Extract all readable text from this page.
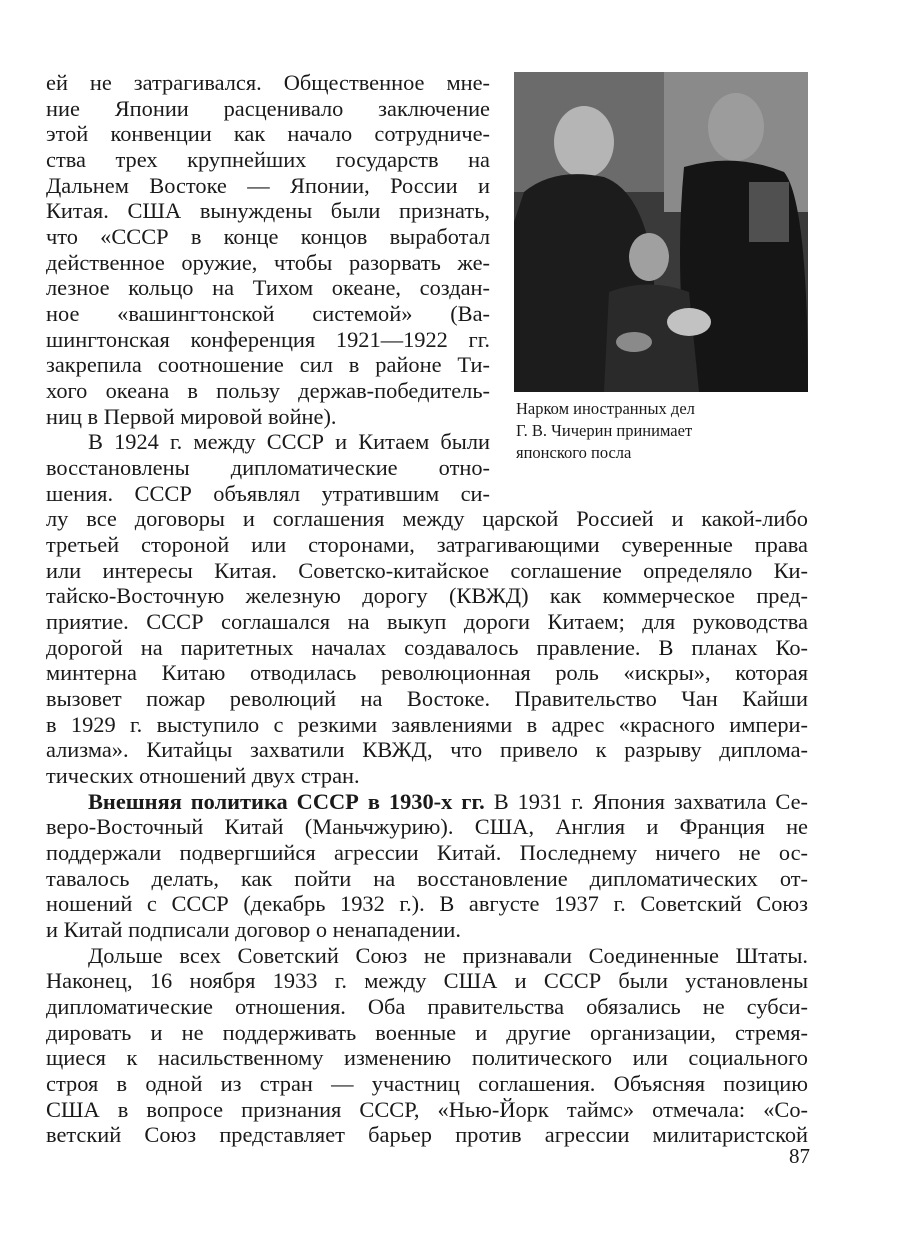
Нарком иностранных дел
Г. В. Чичерин принимает
японского посла
ей не затрагивался. Общественное мне-
ние Японии расценивало заключение
этой конвенции как начало сотрудниче-
ства трех крупнейших государств на
Дальнем Востоке — Японии, России и
Китая. США вынуждены были признать,
что «СССР в конце концов выработал
действенное оружие, чтобы разорвать же-
лезное кольцо на Тихом океане, создан-
ное «вашингтонской системой» (Ва-
шингтонская конференция 1921—1922 гг.
закрепила соотношение сил в районе Ти-
хого океана в пользу держав-победитель-
ниц в Первой мировой войне).
В 1924 г. между СССР и Китаем были
восстановлены дипломатические отно-
шения. СССР объявлял утратившим си-
лу все договоры и соглашения между царской Россией и какой-либо
третьей стороной или сторонами, затрагивающими суверенные права
или интересы Китая. Советско-китайское соглашение определяло Ки-
тайско-Восточную железную дорогу (КВЖД) как коммерческое пред-
приятие. СССР соглашался на выкуп дороги Китаем; для руководства
дорогой на паритетных началах создавалось правление. В планах Ко-
минтерна Китаю отводилась революционная роль «искры», которая
вызовет пожар революций на Востоке. Правительство Чан Кайши
в 1929 г. выступило с резкими заявлениями в адрес «красного импери-
ализма». Китайцы захватили КВЖД, что привело к разрыву диплома-
тических отношений двух стран.
Внешняя политика СССР в 1930-х гг. В 1931 г. Япония захватила Се-
веро-Восточный Китай (Маньчжурию). США, Англия и Франция не
поддержали подвергшийся агрессии Китай. Последнему ничего не ос-
тавалось делать, как пойти на восстановление дипломатических от-
ношений с СССР (декабрь 1932 г.). В августе 1937 г. Советский Союз
и Китай подписали договор о ненападении.
Дольше всех Советский Союз не признавали Соединенные Штаты.
Наконец, 16 ноября 1933 г. между США и СССР были установлены
дипломатические отношения. Оба правительства обязались не субси-
дировать и не поддерживать военные и другие организации, стремя-
щиеся к насильственному изменению политического или социального
строя в одной из стран — участниц соглашения. Объясняя позицию
США в вопросе признания СССР, «Нью-Йорк таймс» отмечала: «Со-
ветский Союз представляет барьер против агрессии милитаристской
87
